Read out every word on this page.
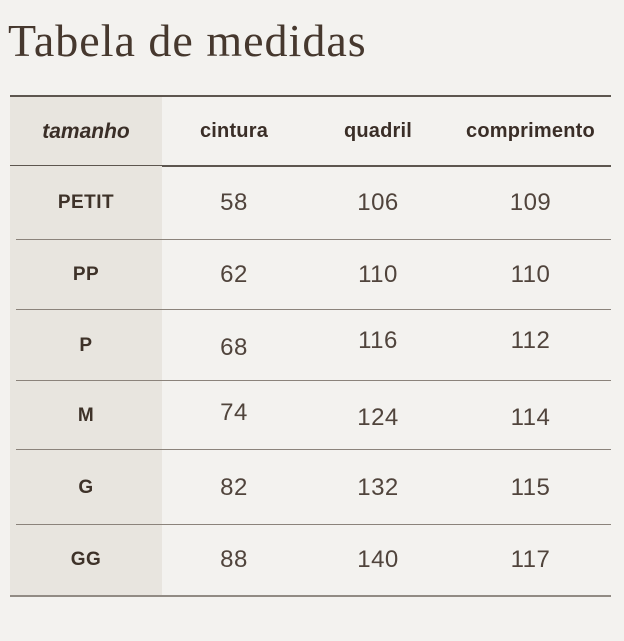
Tabela de medidas
tamanho	cintura	quadril	comprimento
PETIT	58	106	109
PP	62	110	110
P	68	116	112
M	74	124	114
G	82	132	115
GG	88	140	117
